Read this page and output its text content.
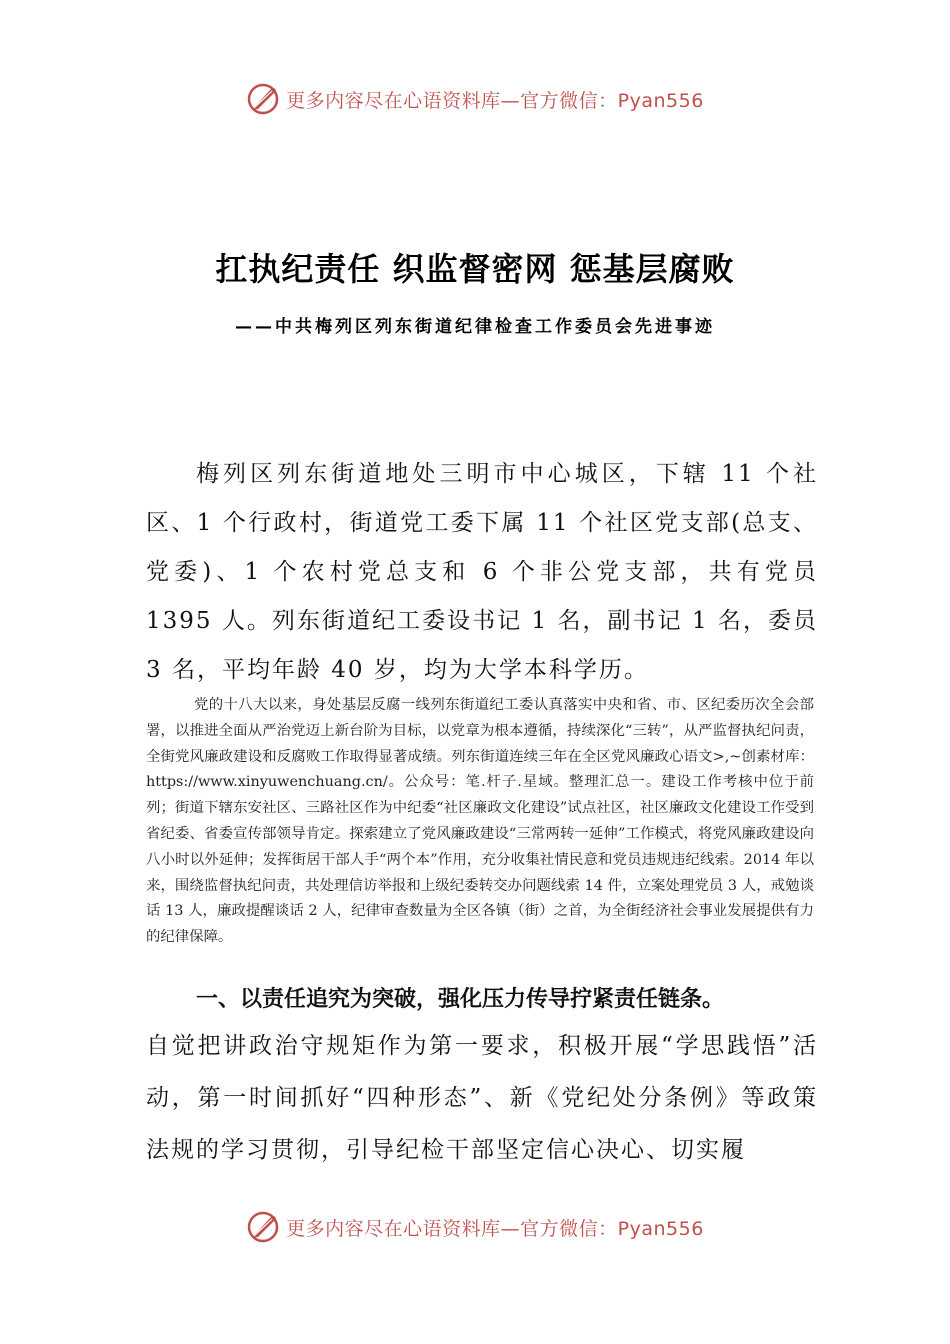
更多内容尽在心语资料库—官方微信：Pyan556
扛执纪责任 织监督密网 惩基层腐败
——中共梅列区列东街道纪律检查工作委员会先进事迹

梅列区列东街道地处三明市中心城区，下辖 11 个社区、1 个行政村，街道党工委下属 11 个社区党支部(总支、党委)、1 个农村党总支和 6 个非公党支部，共有党员 1395 人。列东街道纪工委设书记 1 名，副书记 1 名，委员 3 名，平均年龄 40 岁，均为大学本科学历。

党的十八大以来，身处基层反腐一线列东街道纪工委认真落实中央和省、市、区纪委历次全会部署，以推进全面从严治党迈上新台阶为目标，以党章为根本遵循，持续深化“三转”，从严监督执纪问责，全街党风廉政建设和反腐败工作取得显著成绩。列东街道连续三年在全区党风廉政心语文>,~创素材库：https://www.xinyuwenchuang.cn/。公众号：笔.杆子.星域。整理汇总一。建设工作考核中位于前列；街道下辖东安社区、三路社区作为中纪委“社区廉政文化建设”试点社区，社区廉政文化建设工作受到省纪委、省委宣传部领导肯定。探索建立了党风廉政建设“三常两转一延伸”工作模式，将党风廉政建设向八小时以外延伸；发挥街居干部人手“两个本”作用，充分收集社情民意和党员违规违纪线索。2014 年以来，围绕监督执纪问责，共处理信访举报和上级纪委转交办问题线索 14 件，立案处理党员 3 人，戒勉谈话 13 人，廉政提醒谈话 2 人，纪律审查数量为全区各镇（街）之首，为全街经济社会事业发展提供有力的纪律保障。

一、以责任追究为突破，强化压力传导拧紧责任链条。

自觉把讲政治守规矩作为第一要求，积极开展“学思践悟”活动，第一时间抓好“四种形态”、新《党纪处分条例》等政策法规的学习贯彻，引导纪检干部坚定信心决心、切实履

更多内容尽在心语资料库—官方微信：Pyan556
